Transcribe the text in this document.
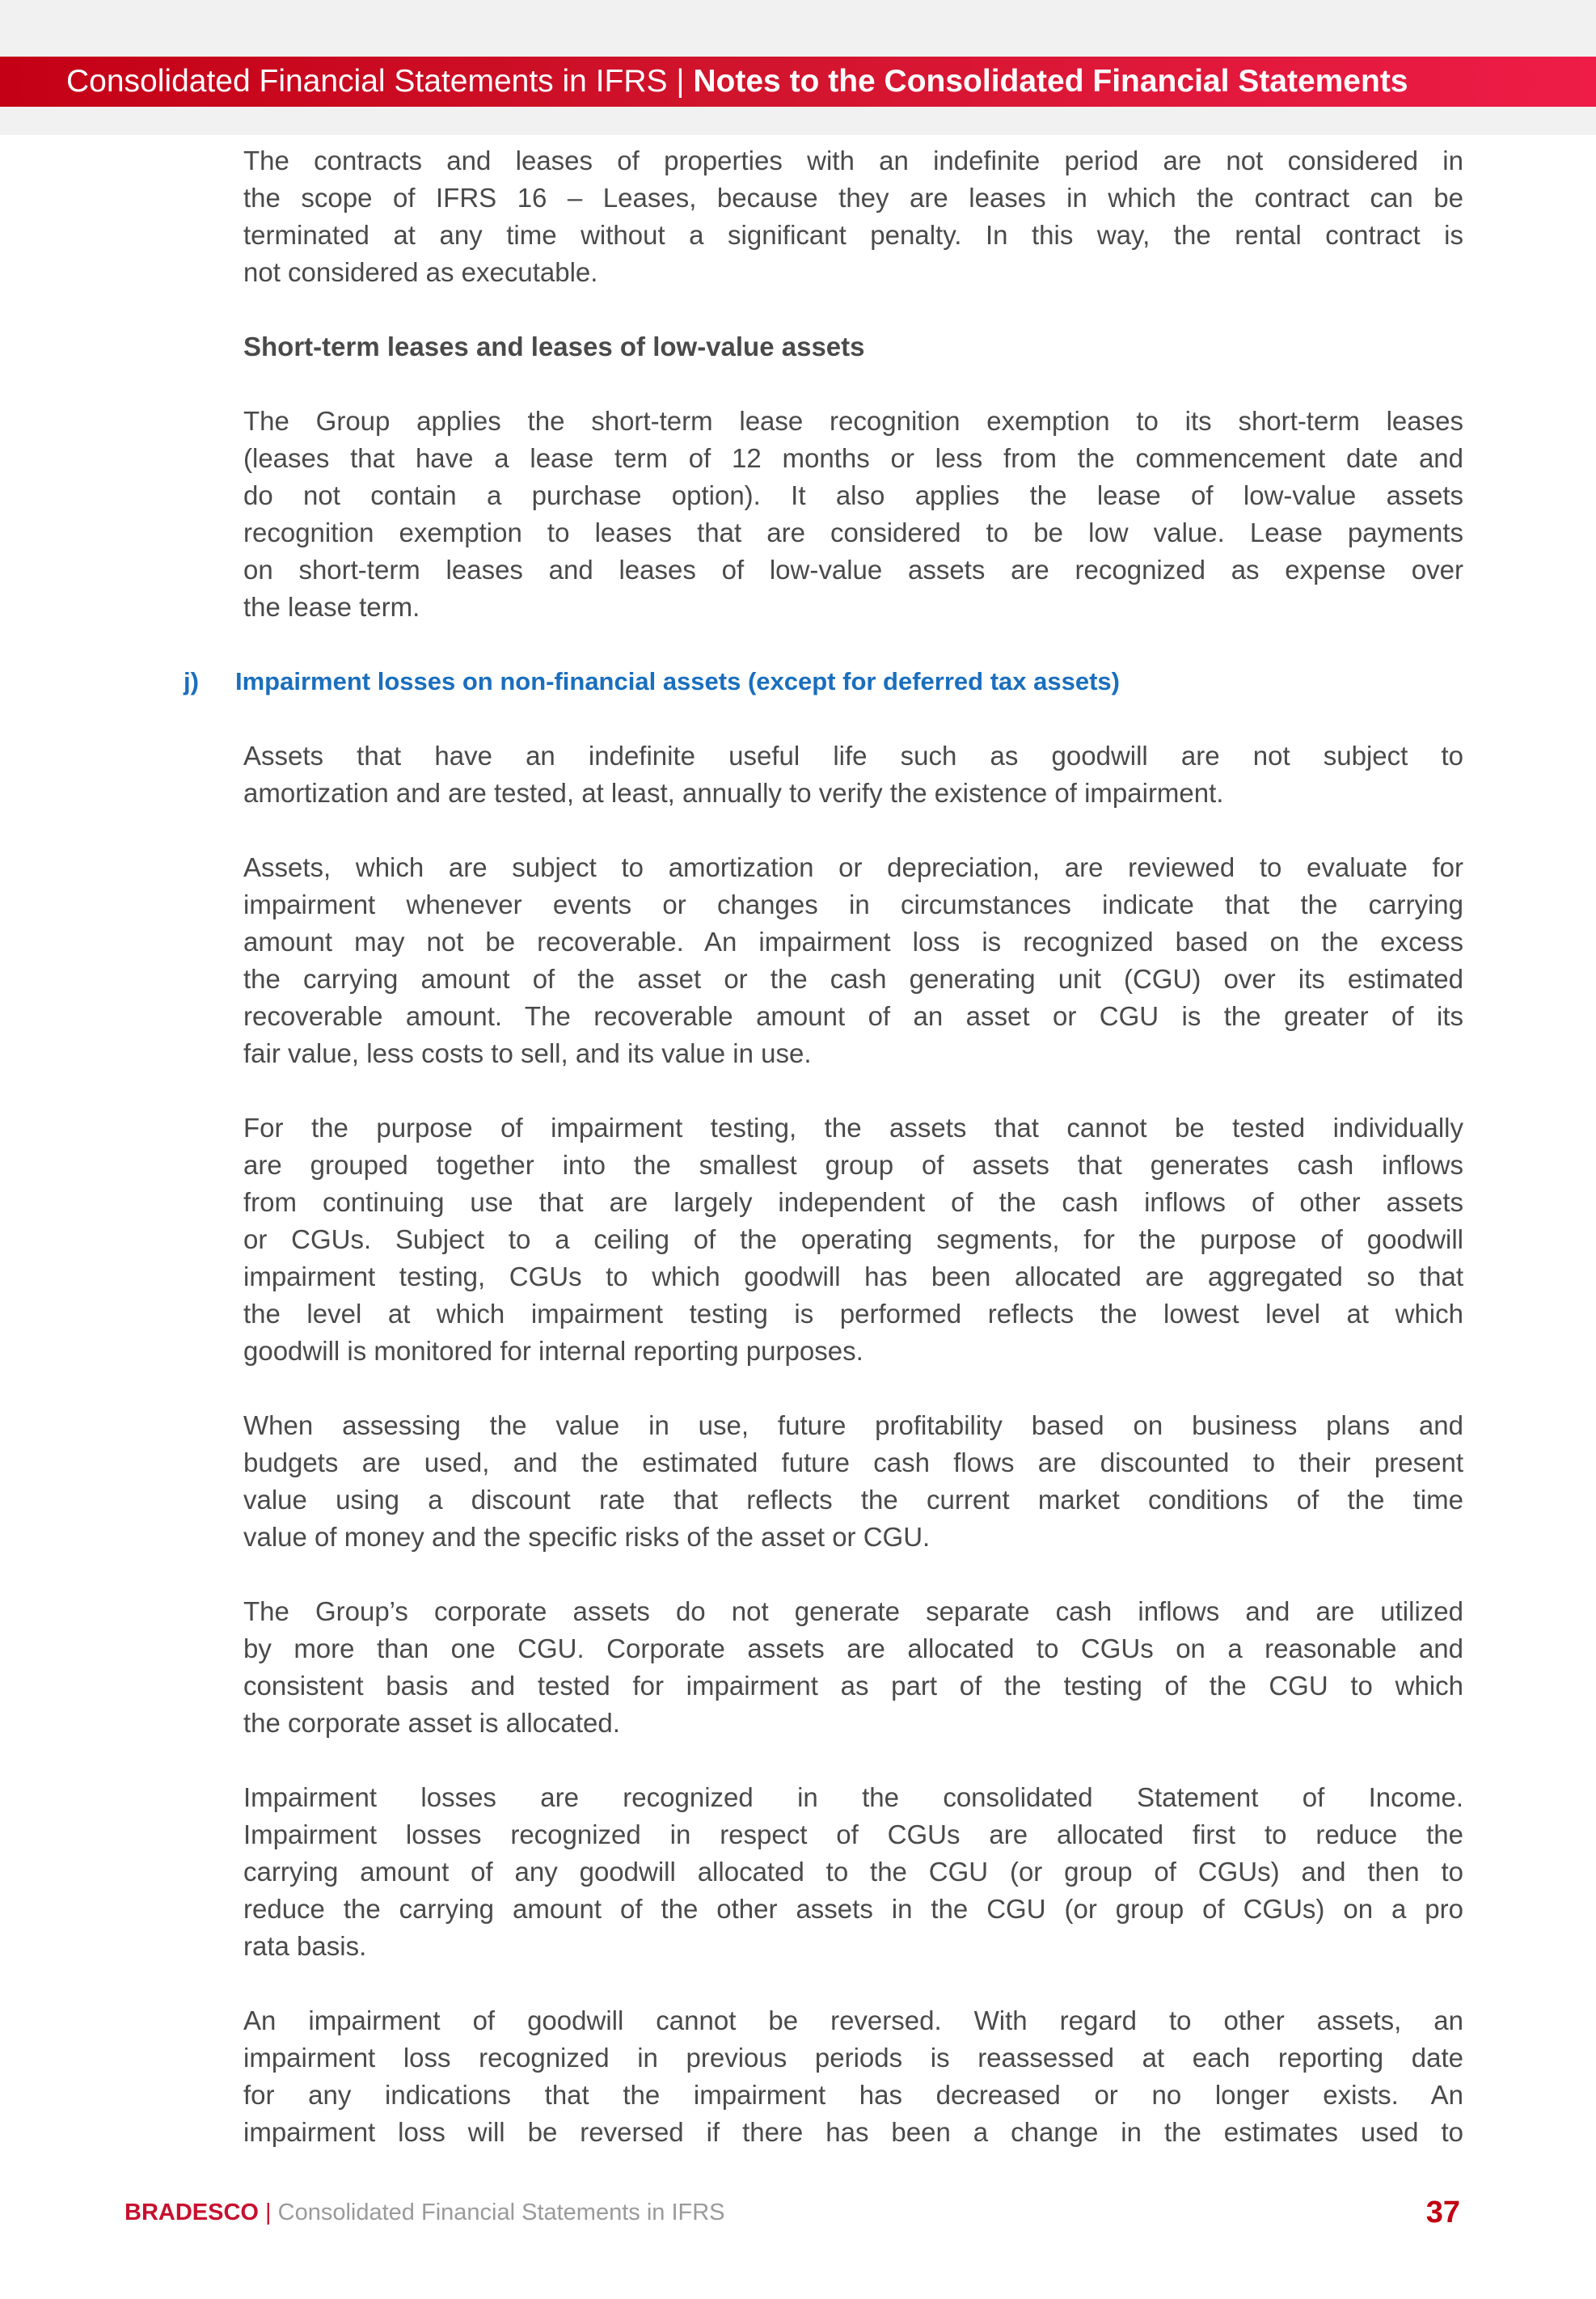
Consolidated Financial Statements in IFRS | Notes to the Consolidated Financial Statements
The contracts and leases of properties with an indefinite period are not considered in
the scope of IFRS 16 – Leases, because they are leases in which the contract can be
terminated at any time without a significant penalty. In this way, the rental contract is
not considered as executable.
Short-term leases and leases of low-value assets
The Group applies the short-term lease recognition exemption to its short-term leases
(leases that have a lease term of 12 months or less from the commencement date and
do not contain a purchase option). It also applies the lease of low-value assets
recognition exemption to leases that are considered to be low value. Lease payments
on short-term leases and leases of low-value assets are recognized as expense over
the lease term.
j) Impairment losses on non-financial assets (except for deferred tax assets)
Assets that have an indefinite useful life such as goodwill are not subject to
amortization and are tested, at least, annually to verify the existence of impairment.
Assets, which are subject to amortization or depreciation, are reviewed to evaluate for
impairment whenever events or changes in circumstances indicate that the carrying
amount may not be recoverable. An impairment loss is recognized based on the excess
the carrying amount of the asset or the cash generating unit (CGU) over its estimated
recoverable amount. The recoverable amount of an asset or CGU is the greater of its
fair value, less costs to sell, and its value in use.
For the purpose of impairment testing, the assets that cannot be tested individually
are grouped together into the smallest group of assets that generates cash inflows
from continuing use that are largely independent of the cash inflows of other assets
or CGUs. Subject to a ceiling of the operating segments, for the purpose of goodwill
impairment testing, CGUs to which goodwill has been allocated are aggregated so that
the level at which impairment testing is performed reflects the lowest level at which
goodwill is monitored for internal reporting purposes.
When assessing the value in use, future profitability based on business plans and
budgets are used, and the estimated future cash flows are discounted to their present
value using a discount rate that reflects the current market conditions of the time
value of money and the specific risks of the asset or CGU.
The Group’s corporate assets do not generate separate cash inflows and are utilized
by more than one CGU. Corporate assets are allocated to CGUs on a reasonable and
consistent basis and tested for impairment as part of the testing of the CGU to which
the corporate asset is allocated.
Impairment losses are recognized in the consolidated Statement of Income.
Impairment losses recognized in respect of CGUs are allocated first to reduce the
carrying amount of any goodwill allocated to the CGU (or group of CGUs) and then to
reduce the carrying amount of the other assets in the CGU (or group of CGUs) on a pro
rata basis.
An impairment of goodwill cannot be reversed. With regard to other assets, an
impairment loss recognized in previous periods is reassessed at each reporting date
for any indications that the impairment has decreased or no longer exists. An
impairment loss will be reversed if there has been a change in the estimates used to
BRADESCO | Consolidated Financial Statements in IFRS	37
